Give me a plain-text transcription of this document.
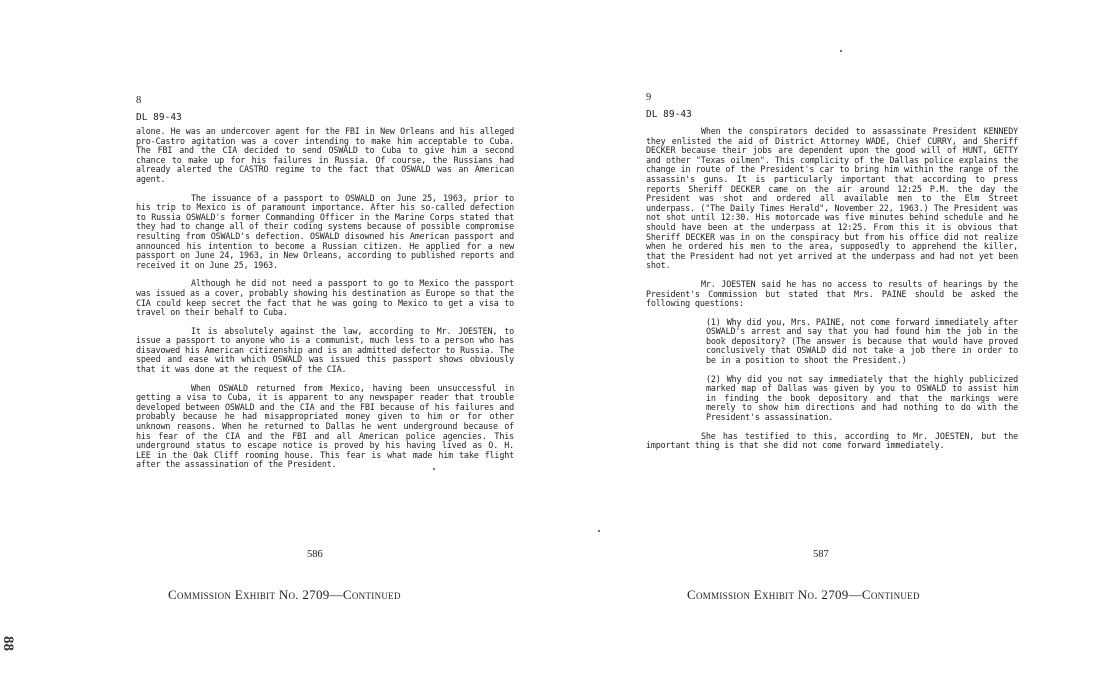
8
DL 89-43

alone. He was an undercover agent for the FBI in New Orleans and his alleged pro-Castro agitation was a cover intending to make him acceptable to Cuba. The FBI and the CIA decided to send OSWALD to Cuba to give him a second chance to make up for his failures in Russia. Of course, the Russians had already alerted the CASTRO regime to the fact that OSWALD was an American agent.

The issuance of a passport to OSWALD on June 25, 1963, prior to his trip to Mexico is of paramount importance. After his so-called defection to Russia OSWALD's former Commanding Officer in the Marine Corps stated that they had to change all of their coding systems because of possible compromise resulting from OSWALD's defection. OSWALD disowned his American passport and announced his intention to become a Russian citizen. He applied for a new passport on June 24, 1963, in New Orleans, according to published reports and received it on June 25, 1963.

Although he did not need a passport to go to Mexico the passport was issued as a cover, probably showing his destination as Europe so that the CIA could keep secret the fact that he was going to Mexico to get a visa to travel on their behalf to Cuba.

It is absolutely against the law, according to Mr. JOESTEN, to issue a passport to anyone who is a communist, much less to a person who has disavowed his American citizenship and is an admitted defector to Russia. The speed and ease with which OSWALD was issued this passport shows obviously that it was done at the request of the CIA.

When OSWALD returned from Mexico, having been unsuccessful in getting a visa to Cuba, it is apparent to any newspaper reader that trouble developed between OSWALD and the CIA and the FBI because of his failures and probably because he had misappropriated money given to him or for other unknown reasons. When he returned to Dallas he went underground because of his fear of the CIA and the FBI and all American police agencies. This underground status to escape notice is proved by his having lived as O. H. LEE in the Oak Cliff rooming house. This fear is what made him take flight after the assassination of the President.

586
Commission Exhibit No. 2709—Continued
9
DL 89-43

When the conspirators decided to assassinate President KENNEDY they enlisted the aid of District Attorney WADE, Chief CURRY, and Sheriff DECKER because their jobs are dependent upon the good will of HUNT, GETTY and other "Texas oilmen". This complicity of the Dallas police explains the change in route of the President's car to bring him within the range of the assassin's guns. It is particularly important that according to press reports Sheriff DECKER came on the air around 12:25 P.M. the day the President was shot and ordered all available men to the Elm Street underpass. ("The Daily Times Herald", November 22, 1963.) The President was not shot until 12:30. His motorcade was five minutes behind schedule and he should have been at the underpass at 12:25. From this it is obvious that Sheriff DECKER was in on the conspiracy but from his office did not realize when he ordered his men to the area, supposedly to apprehend the killer, that the President had not yet arrived at the underpass and had not yet been shot.

Mr. JOESTEN said he has no access to results of hearings by the President's Commission but stated that Mrs. PAINE should be asked the following questions:

(1) Why did you, Mrs. PAINE, not come forward immediately after OSWALD's arrest and say that you had found him the job in the book depository? (The answer is because that would have proved conclusively that OSWALD did not take a job there in order to be in a position to shoot the President.)

(2) Why did you not say immediately that the highly publicized marked map of Dallas was given by you to OSWALD to assist him in finding the book depository and that the markings were merely to show him directions and had nothing to do with the President's assassination.

She has testified to this, according to Mr. JOESTEN, but the important thing is that she did not come forward immediately.

587
Commission Exhibit No. 2709—Continued
88
